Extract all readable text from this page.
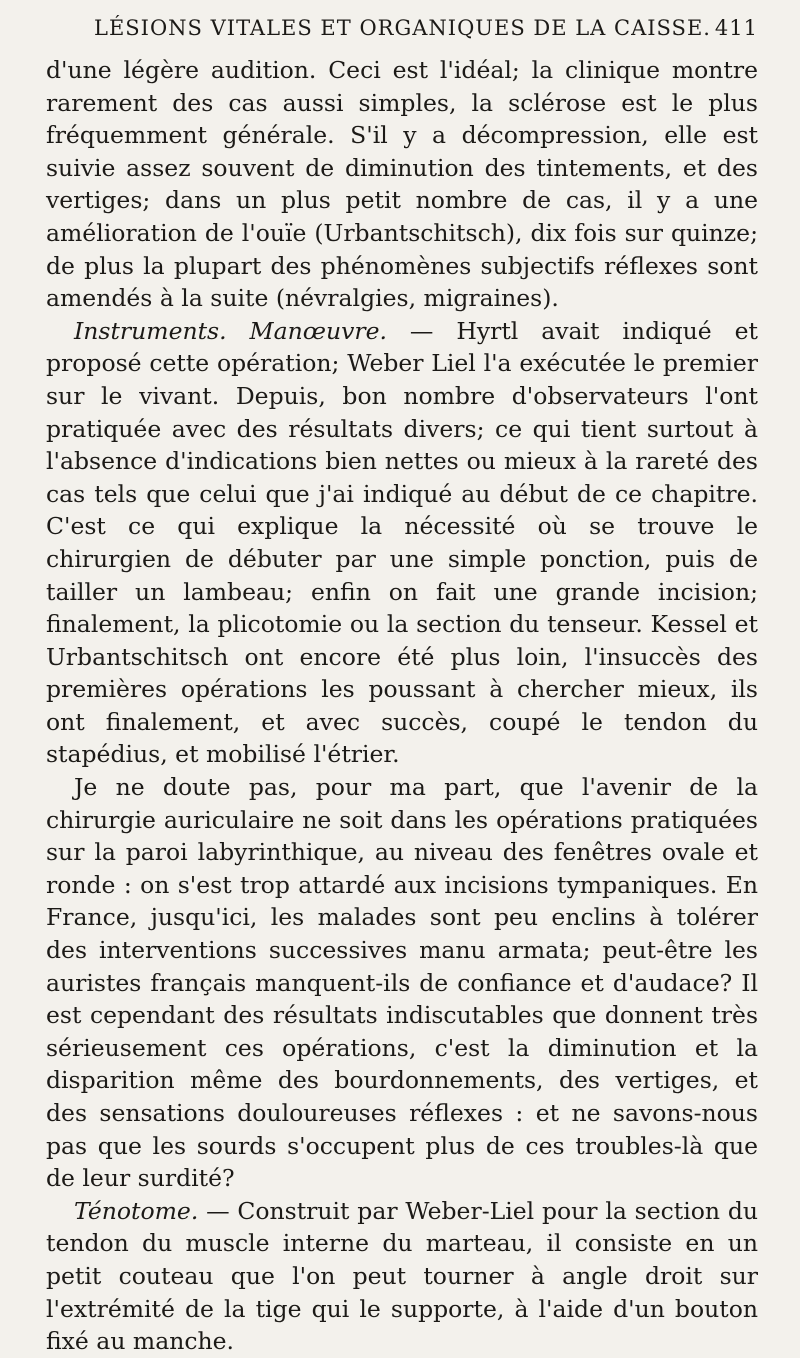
LÉSIONS VITALES ET ORGANIQUES DE LA CAISSE. 411

d'une légère audition. Ceci est l'idéal; la clinique montre rarement des cas aussi simples, la sclérose est le plus fréquemment générale. S'il y a décompression, elle est suivie assez souvent de diminution des tintements, et des vertiges; dans un plus petit nombre de cas, il y a une amélioration de l'ouïe (Urbantschitsch), dix fois sur quinze; de plus la plupart des phénomènes subjectifs réflexes sont amendés à la suite (névralgies, migraines).

Instruments. Manœuvre. — Hyrtl avait indiqué et proposé cette opération; Weber Liel l'a exécutée le premier sur le vivant. Depuis, bon nombre d'observateurs l'ont pratiquée avec des résultats divers; ce qui tient surtout à l'absence d'indications bien nettes ou mieux à la rareté des cas tels que celui que j'ai indiqué au début de ce chapitre. C'est ce qui explique la nécessité où se trouve le chirurgien de débuter par une simple ponction, puis de tailler un lambeau; enfin on fait une grande incision; finalement, la plicotomie ou la section du tenseur. Kessel et Urbantschitsch ont encore été plus loin, l'insuccès des premières opérations les poussant à chercher mieux, ils ont finalement, et avec succès, coupé le tendon du stapédius, et mobilisé l'étrier.

Je ne doute pas, pour ma part, que l'avenir de la chirurgie auriculaire ne soit dans les opérations pratiquées sur la paroi labyrinthique, au niveau des fenêtres ovale et ronde : on s'est trop attardé aux incisions tympaniques. En France, jusqu'ici, les malades sont peu enclins à tolérer des interventions successives manu armata; peut-être les auristes français manquent-ils de confiance et d'audace? Il est cependant des résultats indiscutables que donnent très sérieusement ces opérations, c'est la diminution et la disparition même des bourdonnements, des vertiges, et des sensations douloureuses réflexes : et ne savons-nous pas que les sourds s'occupent plus de ces troubles-là que de leur surdité?

Ténotome. — Construit par Weber-Liel pour la section du tendon du muscle interne du marteau, il consiste en un petit couteau que l'on peut tourner à angle droit sur l'extrémité de la tige qui le supporte, à l'aide d'un bouton fixé au manche.
